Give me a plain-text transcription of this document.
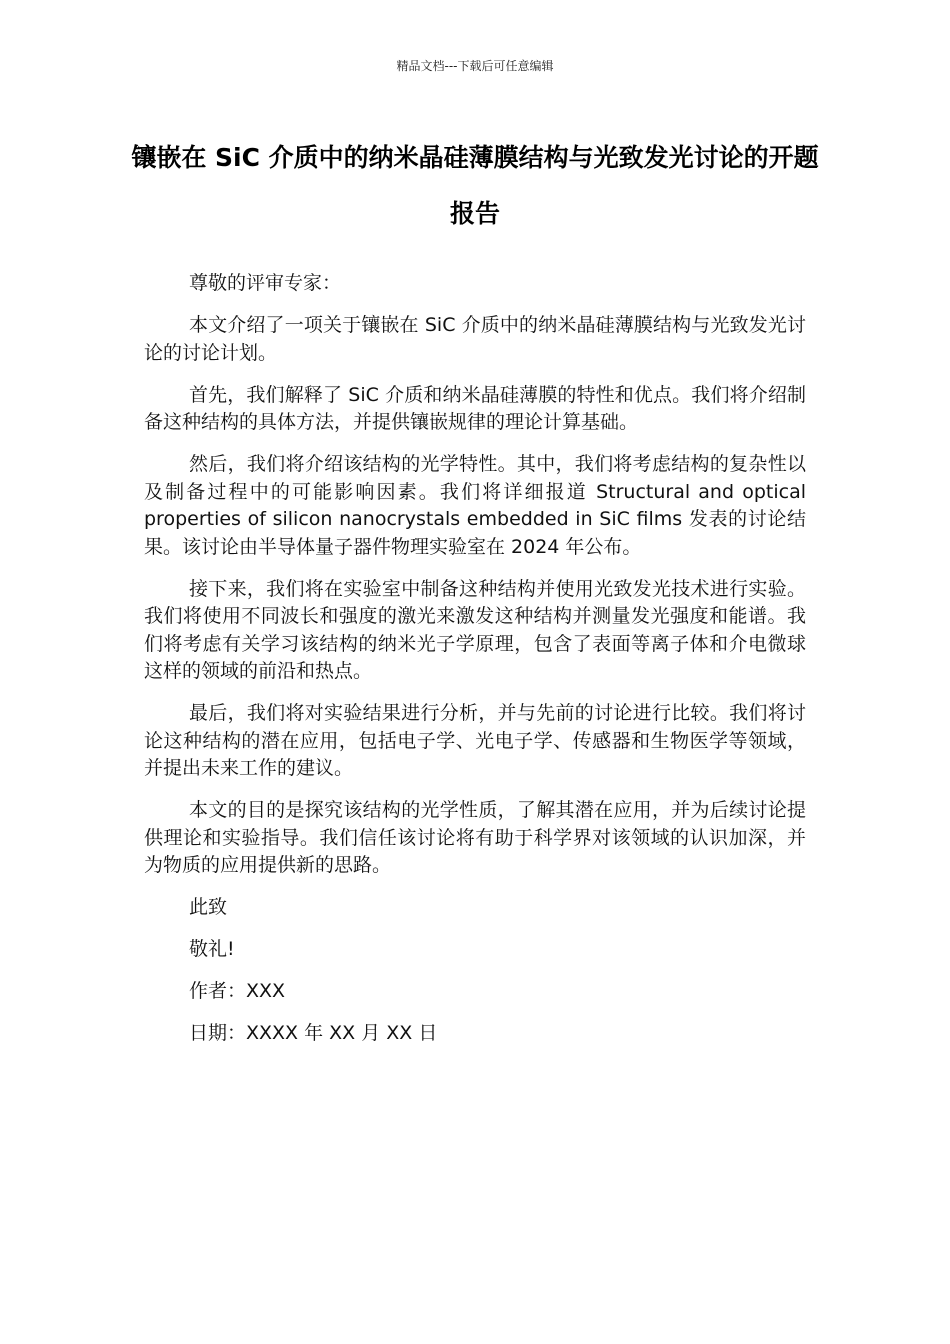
精品文档---下载后可任意编辑
镶嵌在 SiC 介质中的纳米晶硅薄膜结构与光致发光讨论的开题报告
尊敬的评审专家：

本文介绍了一项关于镶嵌在 SiC 介质中的纳米晶硅薄膜结构与光致发光讨论的讨论计划。

首先，我们解释了 SiC 介质和纳米晶硅薄膜的特性和优点。我们将介绍制备这种结构的具体方法，并提供镶嵌规律的理论计算基础。

然后，我们将介绍该结构的光学特性。其中，我们将考虑结构的复杂性以及制备过程中的可能影响因素。我们将详细报道 Structural and optical properties of silicon nanocrystals embedded in SiC films 发表的讨论结果。该讨论由半导体量子器件物理实验室在 2024 年公布。

接下来，我们将在实验室中制备这种结构并使用光致发光技术进行实验。我们将使用不同波长和强度的激光来激发这种结构并测量发光强度和能谱。我们将考虑有关学习该结构的纳米光子学原理，包含了表面等离子体和介电微球这样的领域的前沿和热点。

最后，我们将对实验结果进行分析，并与先前的讨论进行比较。我们将讨论这种结构的潜在应用，包括电子学、光电子学、传感器和生物医学等领域，并提出未来工作的建议。

本文的目的是探究该结构的光学性质，了解其潜在应用，并为后续讨论提供理论和实验指导。我们信任该讨论将有助于科学界对该领域的认识加深，并为物质的应用提供新的思路。

此致
敬礼!
作者：XXX
日期：XXXX 年 XX 月 XX 日
